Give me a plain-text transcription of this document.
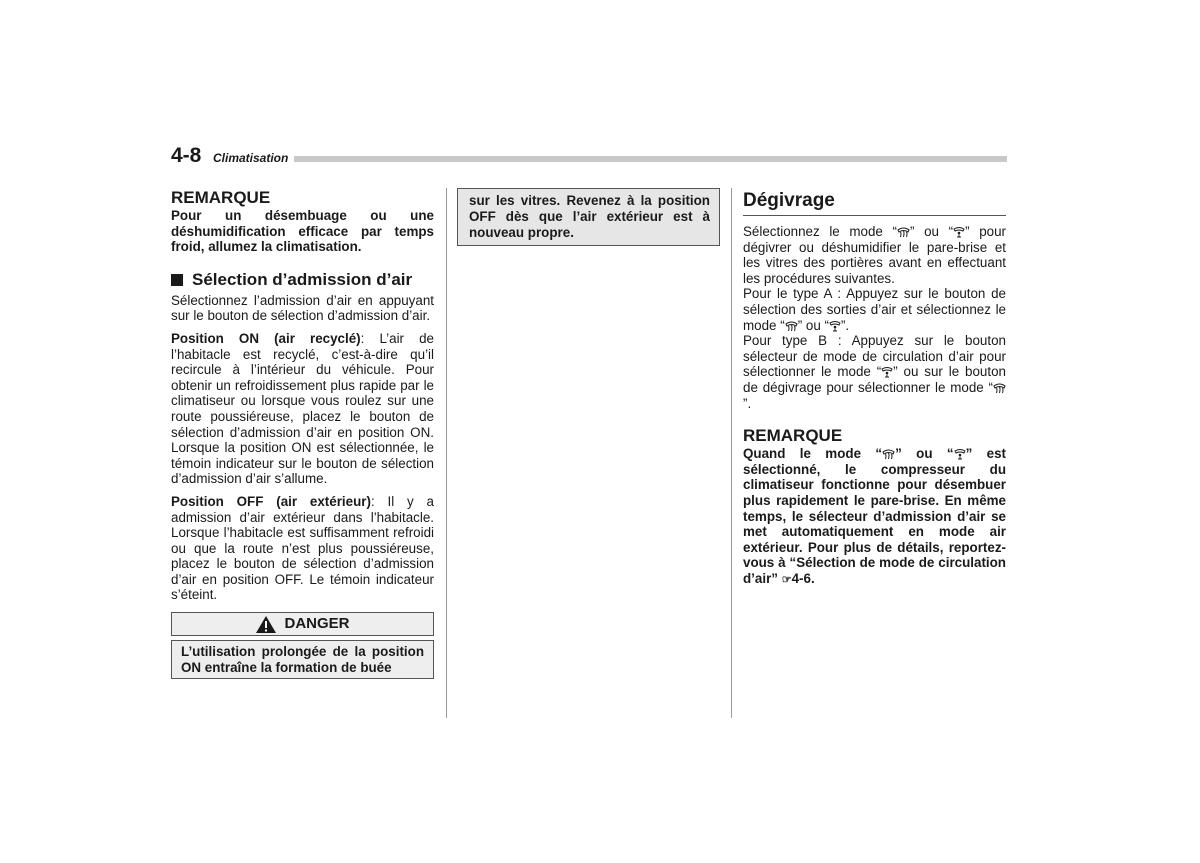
4-8 Climatisation
REMARQUE

Pour un désembuage ou une déshumidification efficace par temps froid, allumez la climatisation.

Sélection d’admission d’air

Sélectionnez l’admission d’air en appuyant sur le bouton de sélection d’admission d’air.

Position ON (air recyclé): L’air de l’habitacle est recyclé, c’est-à-dire qu’il recircule à l’intérieur du véhicule. Pour obtenir un refroidissement plus rapide par le climatiseur ou lorsque vous roulez sur une route poussiéreuse, placez le bouton de sélection d’admission d’air en position ON. Lorsque la position ON est sélectionnée, le témoin indicateur sur le bouton de sélection d’admission d’air s’allume.

Position OFF (air extérieur): Il y a admission d’air extérieur dans l’habitacle. Lorsque l’habitacle est suffisamment refroidi ou que la route n’est plus poussiéreuse, placez le bouton de sélection d’admission d’air en position OFF. Le témoin indicateur s’éteint.

DANGER
L’utilisation prolongée de la position ON entraîne la formation de buée
sur les vitres. Revenez à la position OFF dès que l’air extérieur est à nouveau propre.
Dégivrage

Sélectionnez le mode “ ” ou “ ” pour dégivrer ou déshumidifier le pare-brise et les vitres des portières avant en effectuant les procédures suivantes.

Pour le type A : Appuyez sur le bouton de sélection des sorties d’air et sélectionnez le mode “ ” ou “ ”.

Pour type B : Appuyez sur le bouton sélecteur de mode de circulation d’air pour sélectionner le mode “ ” ou sur le bouton de dégivrage pour sélectionner le mode “”.

REMARQUE

Quand le mode “ ” ou “ ” est sélectionné, le compresseur du climatiseur fonctionne pour désembuer plus rapidement le pare-brise. En même temps, le sélecteur d’admission d’air se met automatiquement en mode air extérieur. Pour plus de détails, reportez-vous à “Sélection de mode de circulation d’air” ☞4-6.
